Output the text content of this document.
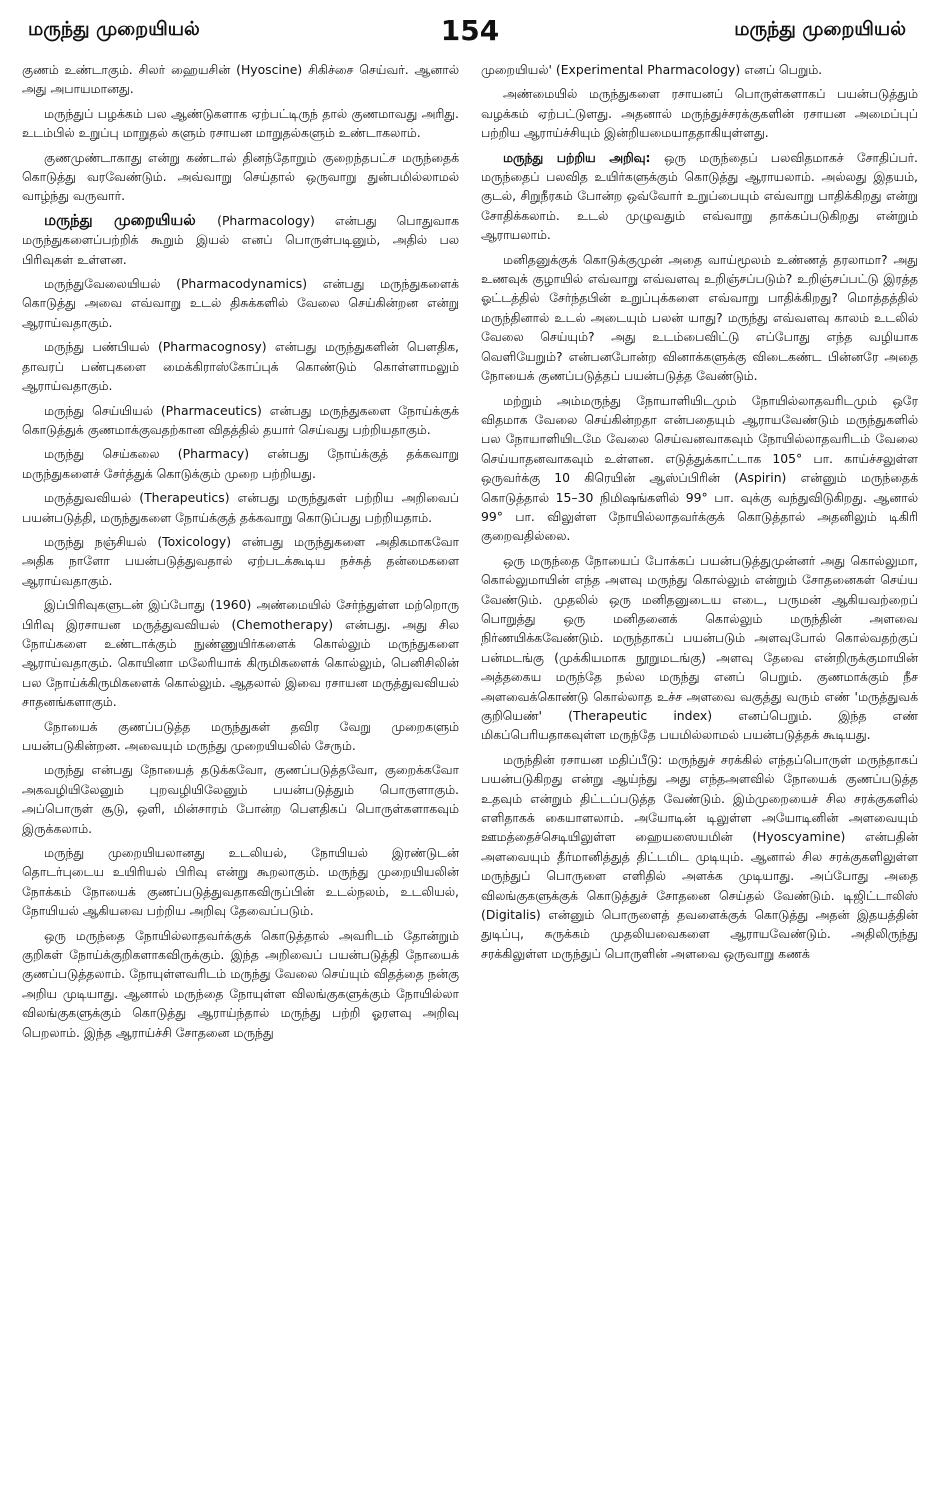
மருந்து முறையியல்	154	மருந்து முறையியல்

குணம் உண்டாகும். சிலர் ஹையசின் (Hyoscine) சிகிச்சை செய்வர். ஆனால் அது அபாயமானது.

மருந்துப் பழக்கம் பல ஆண்டுகளாக ஏற்பட்டிருந் தால் குணமாவது அரிது. உடம்பில் உறுப்பு மாறுதல் களும் ரசாயன மாறுதல்களும் உண்டாகலாம்.

குணமுண்டாகாது என்று கண்டால் தினந்தோறும் குறைந்தபட்ச மருந்தைக் கொடுத்து வரவேண்டும். அவ்வாறு செய்தால் ஒருவாறு துன்பமில்லாமல் வாழ்ந்து வருவார்.

மருந்து முறையியல் (Pharmacology) என்பது பொதுவாக மருந்துகளைப்பற்றிக் கூறும் இயல் எனப் பொருள்படினும், அதில் பல பிரிவுகள் உள்ளன.

மருந்துவேலையியல் (Pharmacodynamics) என்பது மருந்துகளைக் கொடுத்து அவை எவ்வாறு உடல் திசுக்களில் வேலை செய்கின்றன என்று ஆராய்வதாகும்.

மருந்து பண்பியல் (Pharmacognosy) என்பது மருந்துகளின் பௌதிக, தாவரப் பண்புகளை மைக்கிராஸ்கோப்புக் கொண்டும் கொள்ளாமலும் ஆராய்வதாகும்.

மருந்து செய்யியல் (Pharmaceutics) என்பது மருந்துகளை நோய்க்குக் கொடுத்துக் குணமாக்குவதற்கான விதத்தில் தயார் செய்வது பற்றியதாகும்.

மருந்து செய்கலை (Pharmacy) என்பது நோய்க்குத் தக்கவாறு மருந்துகளைச் சேர்த்துக் கொடுக்கும் முறை பற்றியது.

மருத்துவவியல் (Therapeutics) என்பது மருந்துகள் பற்றிய அறிவைப் பயன்படுத்தி, மருந்துகளை நோய்க்குத் தக்கவாறு கொடுப்பது பற்றியதாம்.

மருந்து நஞ்சியல் (Toxicology) என்பது மருந்துகளை அதிகமாகவோ அதிக நாளோ பயன்படுத்துவதால் ஏற்படக்கூடிய நச்சுத் தன்மைகளை ஆராய்வதாகும்.

இப்பிரிவுகளுடன் இப்போது (1960) அண்மையில் சேர்ந்துள்ள மற்றொரு பிரிவு இரசாயன மருத்துவவியல் (Chemotherapy) என்பது. அது சில நோய்களை உண்டாக்கும் நுண்ணுயிர்களைக் கொல்லும் மருந்துகளை ஆராய்வதாகும். கொயினா மலேரியாக் கிருமிகளைக் கொல்லும், பெனிசிலின் பல நோய்க்கிருமிகளைக் கொல்லும். ஆதலால் இவை ரசாயன மருத்துவவியல் சாதனங்களாகும்.

நோயைக் குணப்படுத்த மருந்துகள் தவிர வேறு முறைகளும் பயன்படுகின்றன. அவையும் மருந்து முறையியலில் சேரும்.

மருந்து என்பது நோயைத் தடுக்கவோ, குணப்படுத்தவோ, குறைக்கவோ அகவழியிலேனும் புறவழியிலேனும் பயன்படுத்தும் பொருளாகும். அப்பொருள் சூடு, ஒளி, மின்சாரம் போன்ற பௌதிகப் பொருள்களாகவும் இருக்கலாம்.

மருந்து முறையியலானது உடலியல், நோயியல் இரண்டுடன் தொடர்புடைய உயிரியல் பிரிவு என்று கூறலாகும். மருந்து முறையியலின் நோக்கம் நோயைக் குணப்படுத்துவதாகவிருப்பின் உடல்நலம், உடலியல், நோயியல் ஆகியவை பற்றிய அறிவு தேவைப்படும்.

ஒரு மருந்தை நோயில்லாதவர்க்குக் கொடுத்தால் அவரிடம் தோன்றும் குறிகள் நோய்க்குறிகளாகவிருக்கும். இந்த அறிவைப் பயன்படுத்தி நோயைக் குணப்படுத்தலாம். நோயுள்ளவரிடம் மருந்து வேலை செய்யும் விதத்தை நன்கு அறிய முடியாது. ஆனால் மருந்தை நோயுள்ள விலங்குகளுக்கும் நோயில்லா விலங்குகளுக்கும் கொடுத்து ஆராய்ந்தால் மருந்து பற்றி ஓரளவு அறிவு பெறலாம். இந்த ஆராய்ச்சி சோதனை மருந்து

முறையியல்' (Experimental Pharmacology) எனப் பெறும்.

அண்மையில் மருந்துகளை ரசாயனப் பொருள்களாகப் பயன்படுத்தும் வழக்கம் ஏற்பட்டுளது. அதனால் மருந்துச்சரக்குகளின் ரசாயன அமைப்புப் பற்றிய ஆராய்ச்சியும் இன்றியமையாததாகியுள்ளது.

மருந்து பற்றிய அறிவு: ஒரு மருந்தைப் பலவிதமாகச் சோதிப்பர். மருந்தைப் பலவித உயிர்களுக்கும் கொடுத்து ஆராயலாம். அல்லது இதயம், குடல், சிறுநீரகம் போன்ற ஒவ்வோர் உறுப்பையும் எவ்வாறு பாதிக்கிறது என்று சோதிக்கலாம். உடல் முழுவதும் எவ்வாறு தாக்கப்படுகிறது என்றும் ஆராயலாம்.

மனிதனுக்குக் கொடுக்குமுன் அதை வாய்மூலம் உண்ணத் தரலாமா? அது உணவுக் குழாயில் எவ்வாறு எவ்வளவு உறிஞ்சப்படும்? உறிஞ்சப்பட்டு இரத்த ஓட்டத்தில் சேர்ந்தபின் உறுப்புக்களை எவ்வாறு பாதிக்கிறது? மொத்தத்தில் மருந்தினால் உடல் அடையும் பலன் யாது? மருந்து எவ்வளவு காலம் உடலில் வேலை செய்யும்? அது உடம்பைவிட்டு எப்போது எந்த வழியாக வெளியேறும்? என்பனபோன்ற வினாக்களுக்கு விடைகண்ட பின்னரே அதை நோயைக் குணப்படுத்தப் பயன்படுத்த வேண்டும்.

மற்றும் அம்மருந்து நோயாளியிடமும் நோயில்லாதவரிடமும் ஒரே விதமாக வேலை செய்கின்றதா என்பதையும் ஆராயவேண்டும் மருந்துகளில் பல நோயாளியிடமே வேலை செய்வனவாகவும் நோயில்லாதவரிடம் வேலை செய்யாதனவாகவும் உள்ளன. எடுத்துக்காட்டாக 105° பா. காய்ச்சலுள்ள ஒருவர்க்கு 10 கிரெயின் ஆஸ்ப்பிரின் (Aspirin) என்னும் மருந்தைக் கொடுத்தால் 15–30 நிமிஷங்களில் 99° பா. வுக்கு வந்துவிடுகிறது. ஆனால் 99° பா. விலுள்ள நோயில்லாதவர்க்குக் கொடுத்தால் அதனிலும் டிகிரி குறைவதில்லை.

ஒரு மருந்தை நோயைப் போக்கப் பயன்படுத்துமுன்னர் அது கொல்லுமா, கொல்லுமாயின் எந்த அளவு மருந்து கொல்லும் என்றும் சோதனைகள் செய்ய வேண்டும். முதலில் ஒரு மனிதனுடைய எடை, பருமன் ஆகியவற்றைப் பொறுத்து ஒரு மனிதனைக் கொல்லும் மருந்தின் அளவை நிர்ணயிக்கவேண்டும். மருந்தாகப் பயன்படும் அளவுபோல் கொல்வதற்குப் பன்மடங்கு (முக்கியமாக நூறுமடங்கு) அளவு தேவை என்றிருக்குமாயின் அத்தகைய மருந்தே நல்ல மருந்து எனப் பெறும். குணமாக்கும் நீச அளவைக்கொண்டு கொல்லாத உச்ச அளவை வகுத்து வரும் எண் 'மருத்துவக் குறியெண்' (Therapeutic index) எனப்பெறும். இந்த எண் மிகப்பெரியதாகவுள்ள மருந்தே பயமில்லாமல் பயன்படுத்தக் கூடியது.

மருந்தின் ரசாயன மதிப்பீடு: மருந்துச் சரக்கில் எந்தப்பொருள் மருந்தாகப் பயன்படுகிறது என்று ஆய்ந்து அது எந்தஅளவில் நோயைக் குணப்படுத்த உதவும் என்றும் திட்டப்படுத்த வேண்டும். இம்முறையைச் சில சரக்குகளில் எளிதாகக் கையாளலாம். அயோடின் டிலுள்ள அயோடினின் அளவையும் ஊமத்தைச்செடியிலுள்ள ஹையஸையமின் (Hyoscyamine) என்பதின் அளவையும் தீர்மானித்துத் திட்டமிட முடியும். ஆனால் சில சரக்குகளிலுள்ள மருந்துப் பொருளை எளிதில் அளக்க முடியாது. அப்போது அதை விலங்குகளுக்குக் கொடுத்துச் சோதனை செய்தல் வேண்டும். டிஜிட்டாலிஸ் (Digitalis) என்னும் பொருளைத் தவளைக்குக் கொடுத்து அதன் இதயத்தின் துடிப்பு, சுருக்கம் முதலியவைகளை ஆராயவேண்டும். அதிலிருந்து சரக்கிலுள்ள மருந்துப் பொருளின் அளவை ஒருவாறு கணக்
